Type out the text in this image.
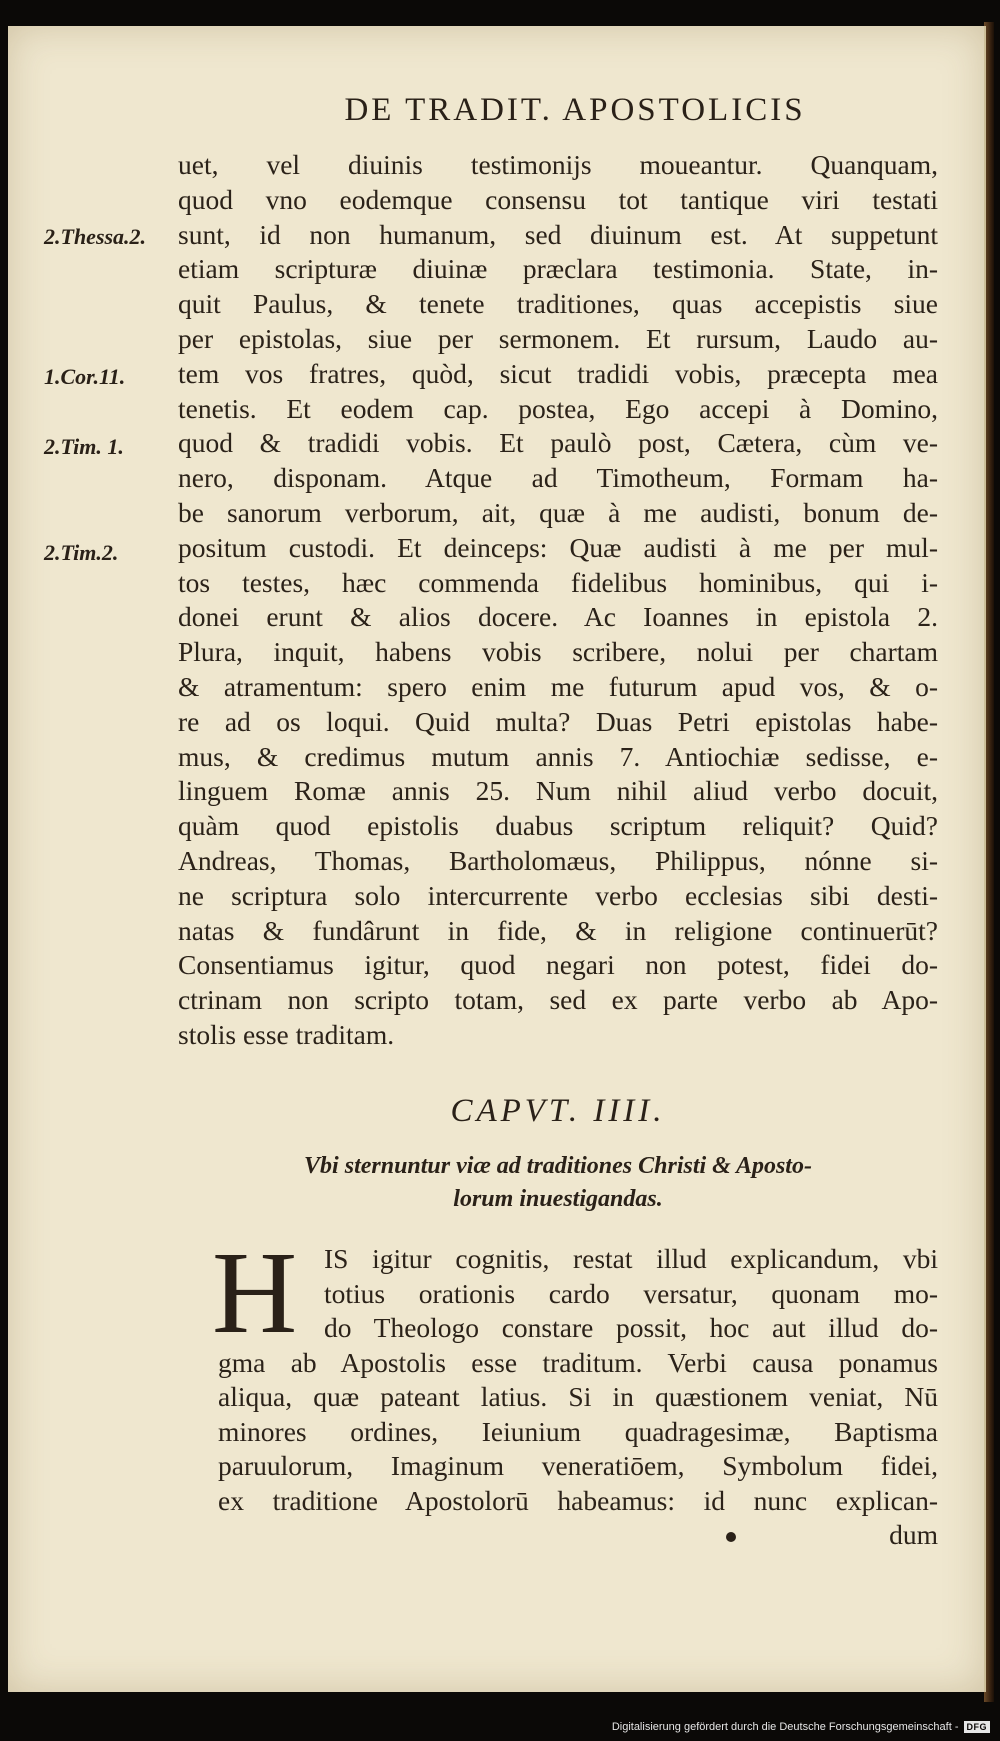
DE TRADIT. APOSTOLICIS
2.Thessa.2.
1.Cor.11.
2.Tim. 1.
2.Tim.2.
uet, vel diuinis testimonijs moueantur. Quanquam,
quod vno eodemque consensu tot tantique viri testati
sunt, id non humanum, sed diuinum est. At suppetunt
etiam scripturæ diuinæ præclara testimonia. State, in-
quit Paulus, & tenete traditiones, quas accepistis siue
per epistolas, siue per sermonem. Et rursum, Laudo au-
tem vos fratres, quòd, sicut tradidi vobis, præcepta mea
tenetis. Et eodem cap. postea, Ego accepi à Domino,
quod & tradidi vobis. Et paulò post, Cætera, cùm ve-
nero, disponam. Atque ad Timotheum, Formam ha-
be sanorum verborum, ait, quæ à me audisti, bonum de-
positum custodi. Et deinceps: Quæ audisti à me per mul-
tos testes, hæc commenda fidelibus hominibus, qui i-
donei erunt & alios docere. Ac Ioannes in epistola 2.
Plura, inquit, habens vobis scribere, nolui per chartam
& atramentum: spero enim me futurum apud vos, & o-
re ad os loqui. Quid multa? Duas Petri epistolas habe-
mus, & credimus mutum annis 7. Antiochiæ sedisse, e-
linguem Romæ annis 25. Num nihil aliud verbo docuit,
quàm quod epistolis duabus scriptum reliquit? Quid?
Andreas, Thomas, Bartholomæus, Philippus, nónne si-
ne scriptura solo intercurrente verbo ecclesias sibi desti-
natas & fundârunt in fide, & in religione continuerūt?
Consentiamus igitur, quod negari non potest, fidei do-
ctrinam non scripto totam, sed ex parte verbo ab Apo-
stolis esse traditam.
CAPVT. IIII.
Vbi sternuntur viæ ad traditiones Christi & Aposto-
lorum inuestigandas.
H IS igitur cognitis, restat illud explicandum, vbi
totius orationis cardo versatur, quonam mo-
do Theologo constare possit, hoc aut illud do-
gma ab Apostolis esse traditum. Verbi causa ponamus
aliqua, quæ pateant latius. Si in quæstionem veniat, Nū
minores ordines, Ieiunium quadragesimæ, Baptisma
paruulorum, Imaginum veneratiōem, Symbolum fidei,
ex traditione Apostolorū habeamus: id nunc explican-
dum
Digitalisierung gefördert durch die Deutsche Forschungsgemeinschaft - DFG
